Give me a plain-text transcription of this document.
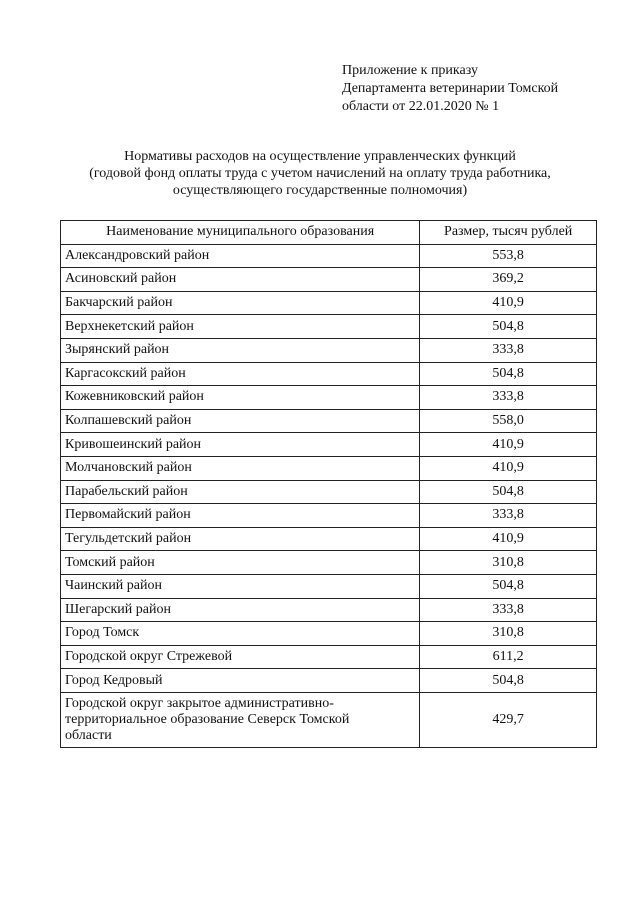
Приложение к приказу
Департамента ветеринарии Томской
области от 22.01.2020 № 1
Нормативы расходов на осуществление управленческих функций
(годовой фонд оплаты труда с учетом начислений на оплату труда работника,
осуществляющего государственные полномочия)
Наименование муниципального образования	Размер, тысяч рублей
Александровский район	553,8
Асиновский район	369,2
Бакчарский район	410,9
Верхнекетский район	504,8
Зырянский район	333,8
Каргасокский район	504,8
Кожевниковский район	333,8
Колпашевский район	558,0
Кривошеинский район	410,9
Молчановский район	410,9
Парабельский район	504,8
Первомайский район	333,8
Тегульдетский район	410,9
Томский район	310,8
Чаинский район	504,8
Шегарский район	333,8
Город Томск	310,8
Городской округ Стрежевой	611,2
Город Кедровый	504,8

Городской округ закрытое административно-
территориальное образование Северск Томской
области	429,7
